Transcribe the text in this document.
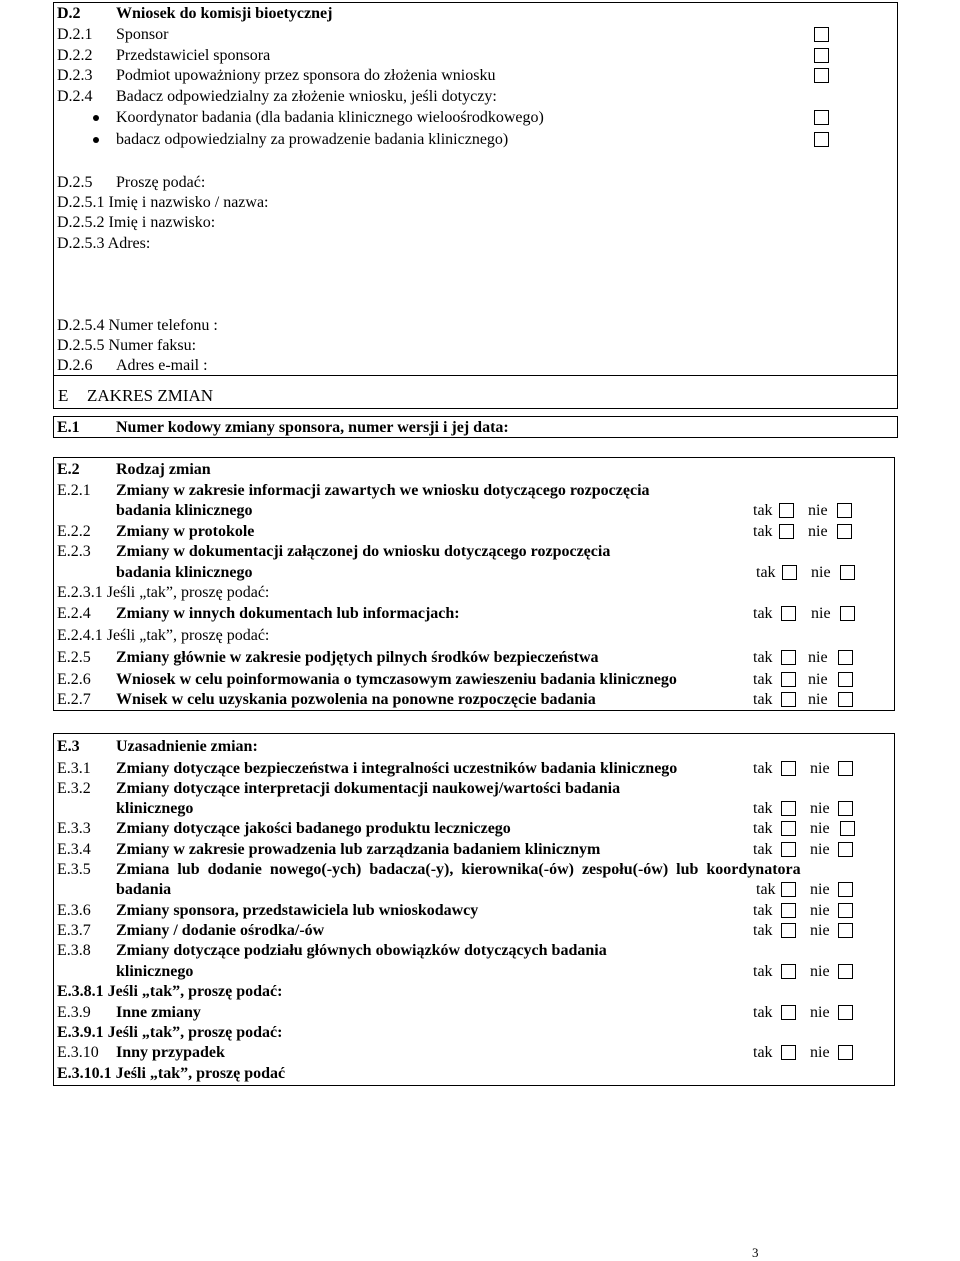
D.2 Wniosek do komisji bioetycznej
D.2.1 Sponsor
D.2.2 Przedstawiciel sponsora
D.2.3 Podmiot upoważniony przez sponsora do złożenia wniosku
D.2.4 Badacz odpowiedzialny za złożenie wniosku, jeśli dotyczy:
Koordynator badania (dla badania klinicznego wieloośrodkowego)
badacz odpowiedzialny za prowadzenie badania klinicznego)
D.2.5 Proszę podać:
D.2.5.1 Imię i nazwisko / nazwa:
D.2.5.2 Imię i nazwisko:
D.2.5.3 Adres:
D.2.5.4 Numer telefonu :
D.2.5.5 Numer faksu:
D.2.6 Adres e-mail :
E ZAKRES ZMIAN
E.1 Numer kodowy zmiany sponsora, numer wersji i jej data:
E.2 Rodzaj zmian
E.2.1 Zmiany w zakresie informacji zawartych we wniosku dotyczącego rozpoczęcia
badania klinicznego	tak nie
E.2.2 Zmiany w protokole	tak nie
E.2.3 Zmiany w dokumentacji załączonej do wniosku dotyczącego rozpoczęcia
badania klinicznego	tak nie
E.2.3.1 Jeśli „tak”, proszę podać:
E.2.4 Zmiany w innych dokumentach lub informacjach:	tak nie
E.2.4.1 Jeśli „tak”, proszę podać:
E.2.5 Zmiany głównie w zakresie podjętych pilnych środków bezpieczeństwa	tak nie
E.2.6 Wniosek w celu poinformowania o tymczasowym zawieszeniu badania klinicznego	tak nie
E.2.7 Wnisek w celu uzyskania pozwolenia na ponowne rozpoczęcie badania	tak nie
E.3 Uzasadnienie zmian:
E.3.1 Zmiany dotyczące bezpieczeństwa i integralności uczestników badania klinicznego	tak nie
E.3.2 Zmiany dotyczące interpretacji dokumentacji naukowej/wartości badania
klinicznego	tak nie
E.3.3 Zmiany dotyczące jakości badanego produktu leczniczego	tak nie
E.3.4 Zmiany w zakresie prowadzenia lub zarządzania badaniem klinicznym	tak nie
E.3.5 Zmiana lub dodanie nowego(-ych) badacza(-y), kierownika(-ów) zespołu(-ów) lub koordynatora
badania	tak nie
E.3.6 Zmiany sponsora, przedstawiciela lub wnioskodawcy	tak nie
E.3.7 Zmiany / dodanie ośrodka/-ów	tak nie
E.3.8 Zmiany dotyczące podziału głównych obowiązków dotyczących badania
klinicznego	tak nie
E.3.8.1 Jeśli „tak”, proszę podać:
E.3.9 Inne zmiany	tak nie
E.3.9.1 Jeśli „tak”, proszę podać:
E.3.10 Inny przypadek	tak nie
E.3.10.1 Jeśli „tak”, proszę podać
3
